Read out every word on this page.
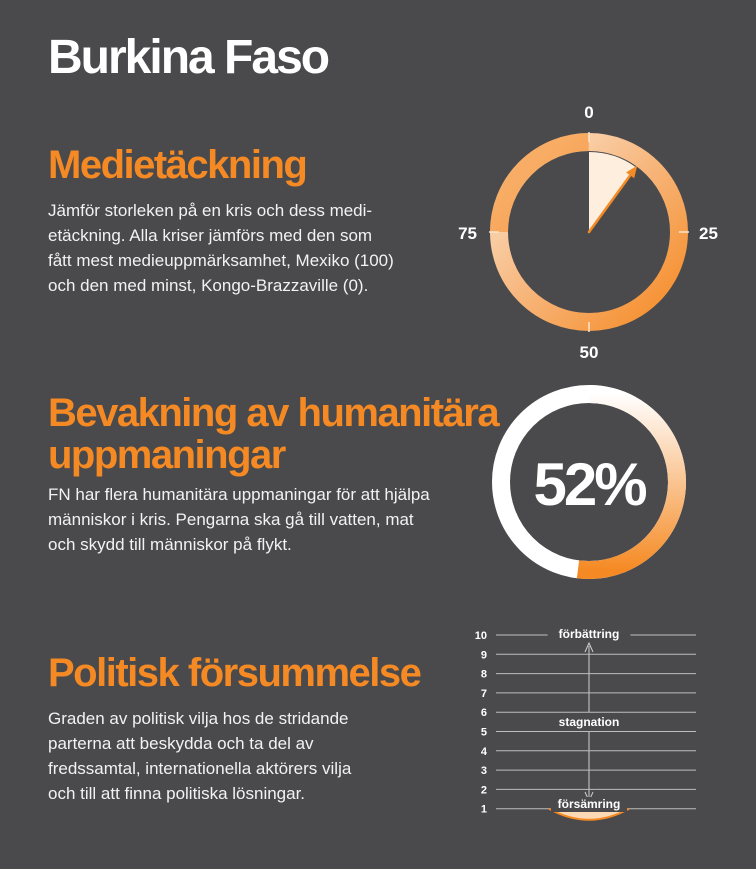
Burkina Faso
Medietäckning
Jämför storleken på en kris och dess medi-
etäckning. Alla kriser jämförs med den som
fått mest medieuppmärksamhet, Mexiko (100)
och den med minst, Kongo-Brazzaville (0).
Bevakning av humanitära
uppmaningar
FN har flera humanitära uppmaningar för att hjälpa
människor i kris. Pengarna ska gå till vatten, mat
och skydd till människor på flykt.
Politisk försummelse
Graden av politisk vilja hos de stridande
parterna att beskydda och ta del av
fredssamtal, internationella aktörers vilja
och till att finna politiska lösningar.
0
25
50
75
52%
10
9
8
7
6
5
4
3
2
1
förbättring
stagnation
försämring
